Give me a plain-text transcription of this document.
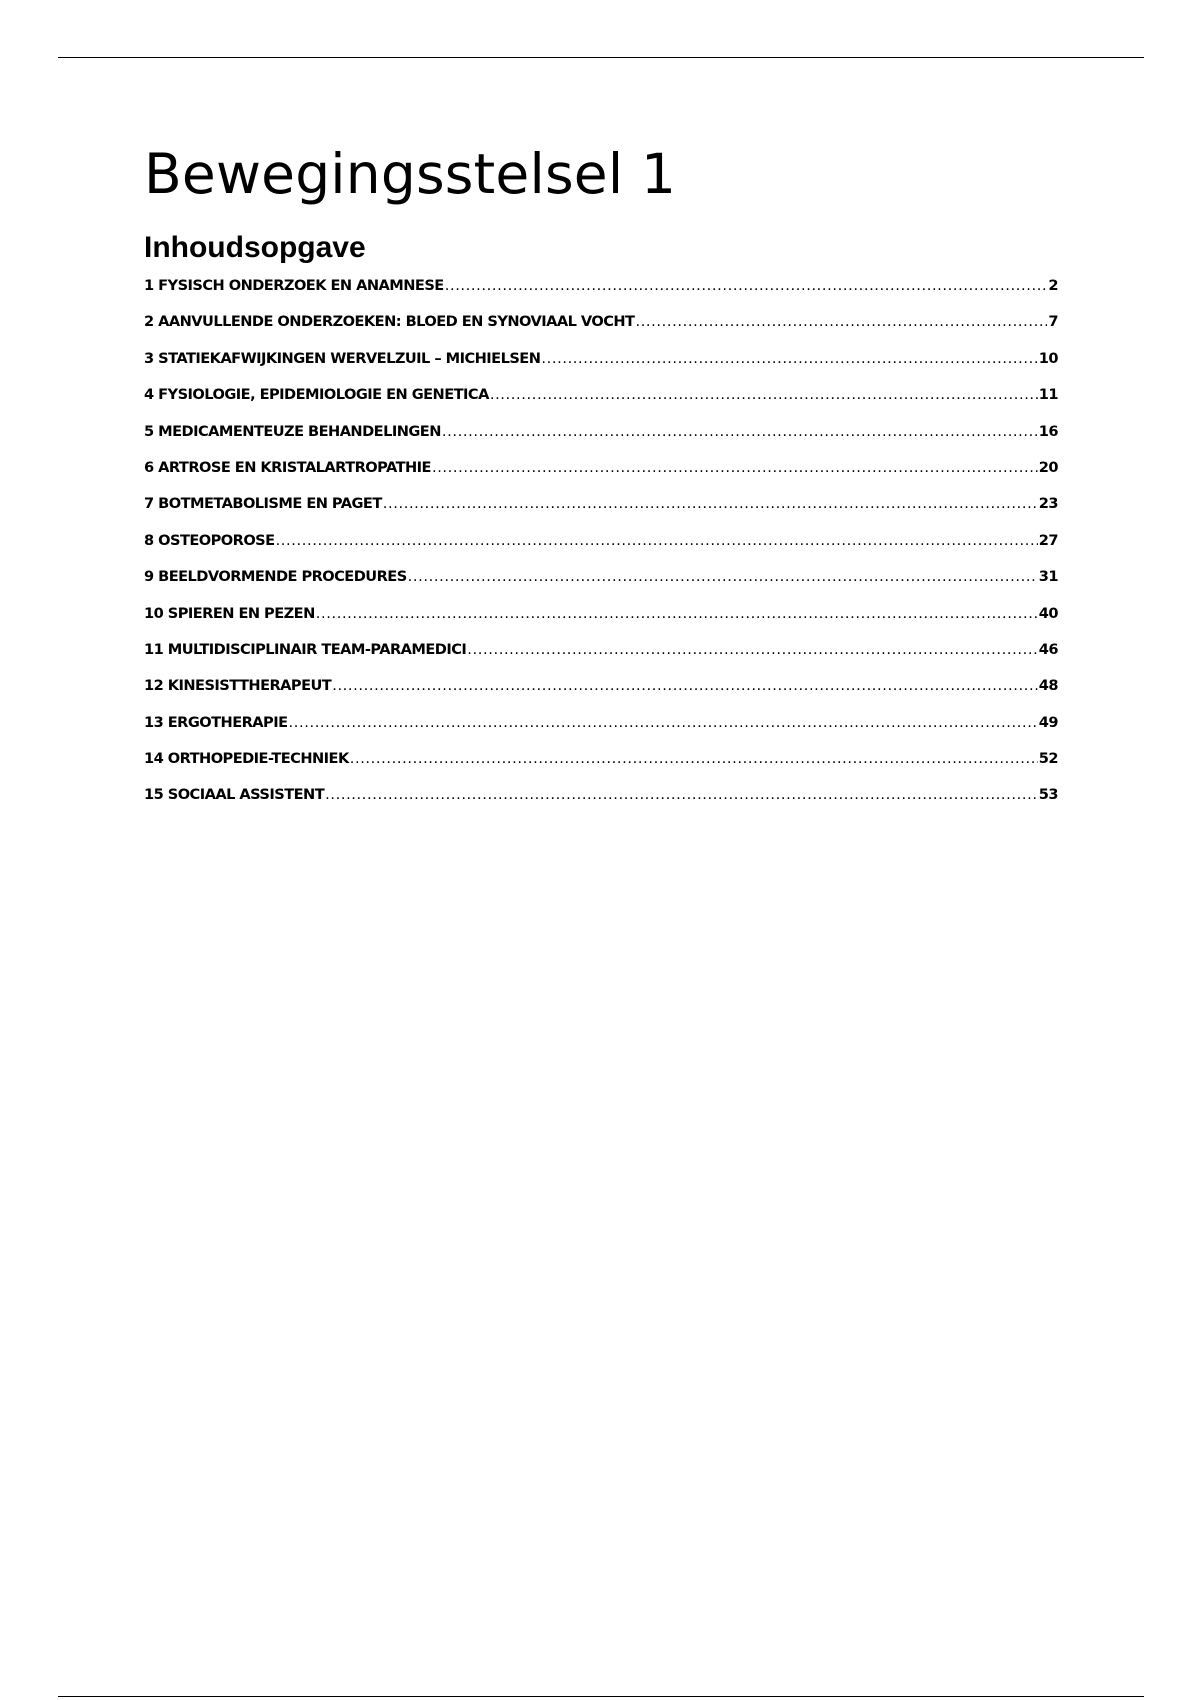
Bewegingsstelsel 1
Inhoudsopgave
1 FYSISCH ONDERZOEK EN ANAMNESE .....	2
2 AANVULLENDE ONDERZOEKEN: BLOED EN SYNOVIAAL VOCHT .....	7
3 STATIEKAFWIJKINGEN WERVELZUIL – MICHIELSEN .....	10
4 FYSIOLOGIE, EPIDEMIOLOGIE EN GENETICA .....	11
5 MEDICAMENTEUZE BEHANDELINGEN .....	16
6 ARTROSE EN KRISTALARTROPATHIE .....	20
7 BOTMETABOLISME EN PAGET .....	23
8 OSTEOPOROSE .....	27
9 BEELDVORMENDE PROCEDURES .....	31
10 SPIEREN EN PEZEN .....	40
11 MULTIDISCIPLINAIR TEAM-PARAMEDICI .....	46
12 KINESISTTHERAPEUT .....	48
13 ERGOTHERAPIE .....	49
14 ORTHOPEDIE-TECHNIEK .....	52
15 SOCIAAL ASSISTENT .....	53
